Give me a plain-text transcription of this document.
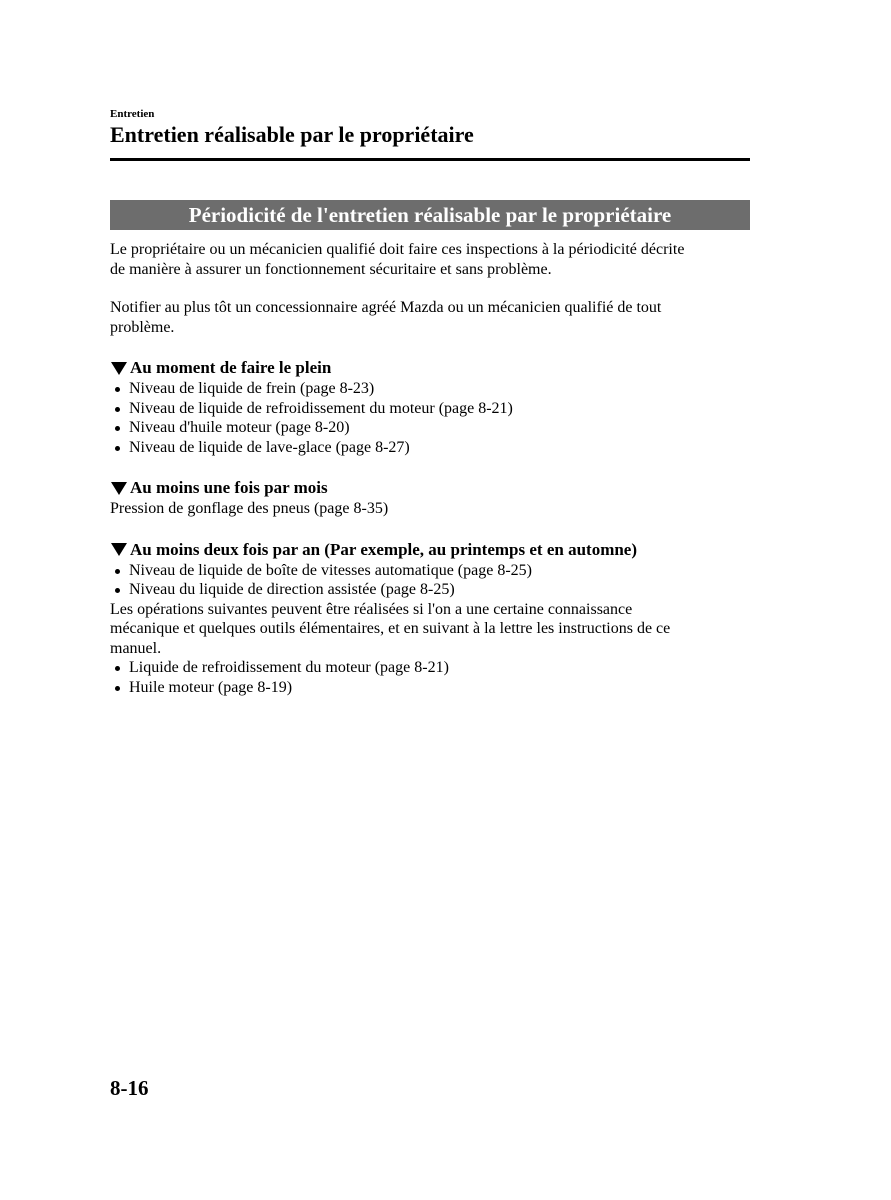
Entretien
Entretien réalisable par le propriétaire
Périodicité de l'entretien réalisable par le propriétaire

Le propriétaire ou un mécanicien qualifié doit faire ces inspections à la périodicité décrite
de manière à assurer un fonctionnement sécuritaire et sans problème.

Notifier au plus tôt un concessionnaire agréé Mazda ou un mécanicien qualifié de tout
problème.

Au moment de faire le plein
Niveau de liquide de frein (page 8-23)
Niveau de liquide de refroidissement du moteur (page 8-21)
Niveau d'huile moteur (page 8-20)
Niveau de liquide de lave-glace (page 8-27)
Au moins une fois par mois

Pression de gonflage des pneus (page 8-35)

Au moins deux fois par an (Par exemple, au printemps et en automne)
Niveau de liquide de boîte de vitesses automatique (page 8-25)
Niveau du liquide de direction assistée (page 8-25)

Les opérations suivantes peuvent être réalisées si l'on a une certaine connaissance
mécanique et quelques outils élémentaires, et en suivant à la lettre les instructions de ce
manuel.

Liquide de refroidissement du moteur (page 8-21)
Huile moteur (page 8-19)
8-16
